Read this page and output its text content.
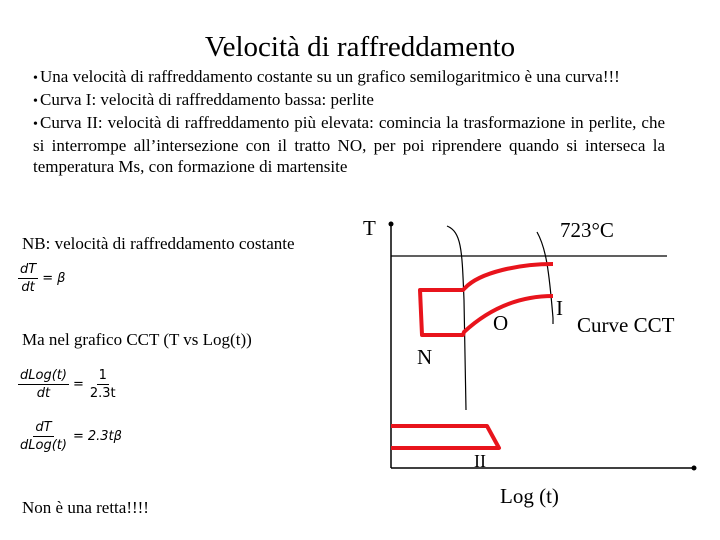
Velocità di raffreddamento

• Una velocità di raffreddamento costante su un grafico semilogaritmico è una curva!!!

• Curva I: velocità di raffreddamento bassa: perlite

• Curva II: velocità di raffreddamento più elevata: comincia la trasformazione in perlite, che si interrompe all’intersezione con il tratto NO, per poi riprendere quando si interseca la temperatura Ms, con formazione di martensite

NB: velocità di raffreddamento costante
$\frac{dT}{dt} = \beta$
Ma nel grafico CCT (T vs Log(t))
$\frac{\text{dLog(t)}}{dt} = \frac{1}{2.3t}$
$\frac{dT}{\text{dLog(t)}} = 2.3t\beta$
Non è una retta!!!!
T	723°C
O
I
N
II
Curve CCT
Log (t)
